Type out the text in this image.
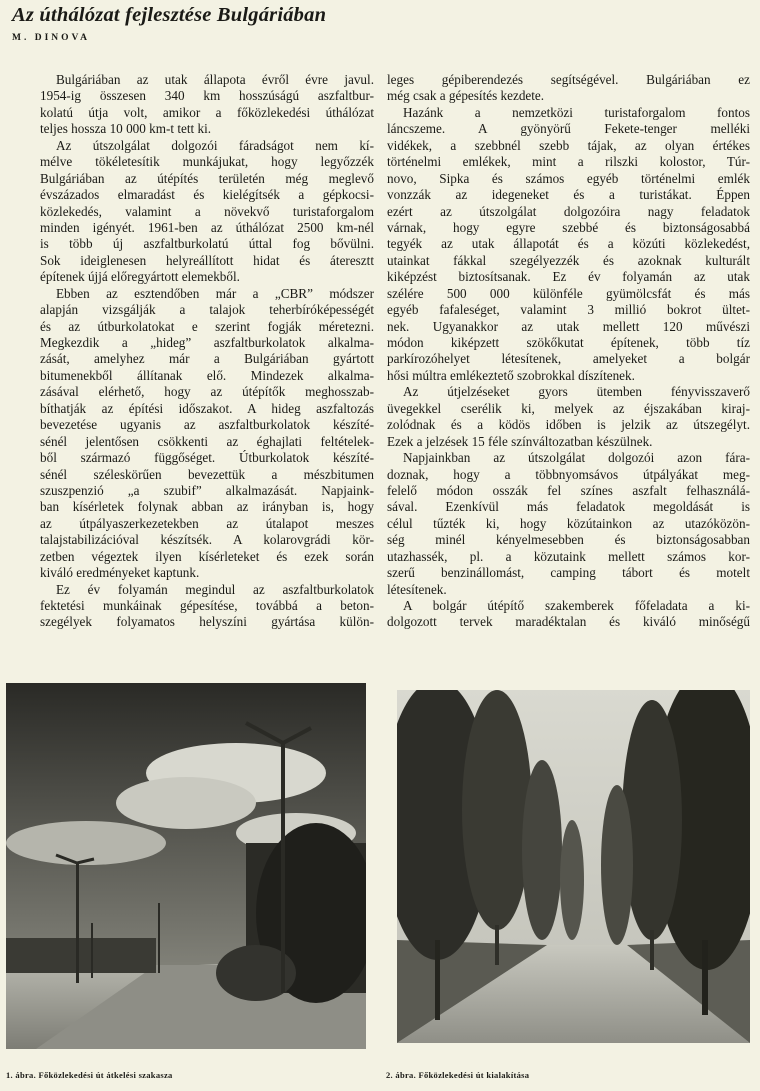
Az úthálózat fejlesztése Bulgáriában
M. DINOVA
Bulgáriában az utak állapota évről évre javul.
1954-ig összesen 340 km hosszúságú aszfaltbur-
kolatú útja volt, amikor a főközlekedési úthálózat
teljes hossza 10 000 km-t tett ki.
Az útszolgálat dolgozói fáradságot nem kí-
mélve tökéletesítik munkájukat, hogy legyőzzék
Bulgáriában az útépítés területén még meglevő
évszázados elmaradást és kielégítsék a gépkocsi-
közlekedés, valamint a növekvő turistaforgalom
minden igényét. 1961-ben az úthálózat 2500 km-nél
is több új aszfaltburkolatú úttal fog bővülni.
Sok ideiglenesen helyreállított hidat és áteresztt
építenek újjá előregyártott elemekből.
Ebben az esztendőben már a „CBR” módszer
alapján vizsgálják a talajok teherbíróképességét
és az útburkolatokat e szerint fogják méretezni.
Megkezdik a „hideg” aszfaltburkolatok alkalma-
zását, amelyhez már a Bulgáriában gyártott
bitumenekből állítanak elő. Mindezek alkalma-
zásával elérhető, hogy az útépítők meghosszab-
bíthatják az építési időszakot. A hideg aszfaltozás
bevezetése ugyanis az aszfaltburkolatok készíté-
sénél jelentősen csökkenti az éghajlati feltételek-
ből származó függőséget. Útburkolatok készíté-
sénél széleskörűen bevezettük a mészbitumen
szuszpenzió „a szubif” alkalmazását. Napjaink-
ban kísérletek folynak abban az irányban is, hogy
az útpályaszerkezetekben az útalapot meszes
talajstabilizációval készítsék. A kolarovgrádi kör-
zetben végeztek ilyen kísérleteket és ezek során
kiváló eredményeket kaptunk.
Ez év folyamán megindul az aszfaltburkolatok
fektetési munkáinak gépesítése, továbbá a beton-
szegélyek folyamatos helyszíni gyártása külön-
leges gépiberendezés segítségével. Bulgáriában ez
még csak a gépesítés kezdete.
Hazánk a nemzetközi turistaforgalom fontos
láncszeme. A gyönyörű Fekete-tenger melléki
vidékek, a szebbnél szebb tájak, az olyan értékes
történelmi emlékek, mint a rilszki kolostor, Túr-
novo, Sipka és számos egyéb történelmi emlék
vonzzák az idegeneket és a turistákat. Éppen
ezért az útszolgálat dolgozóira nagy feladatok
várnak, hogy egyre szebbé és biztonságosabbá
tegyék az utak állapotát és a közúti közlekedést,
utainkat fákkal szegélyezzék és azoknak kulturált
kiképzést biztosítsanak. Ez év folyamán az utak
szélére 500 000 különféle gyümölcsfát és más
egyéb fafaleséget, valamint 3 millió bokrot ültet-
nek. Ugyanakkor az utak mellett 120 művészi
módon kiképzett szökőkutat építenek, több tíz
parkírozóhelyet létesítenek, amelyeket a bolgár
hősi múltra emlékeztető szobrokkal díszítenek.
Az útjelzéseket gyors ütemben fényvisszaverő
üvegekkel cserélik ki, melyek az éjszakában kiraj-
zolódnak és a ködös időben is jelzik az útszegélyt.
Ezek a jelzések 15 féle színváltozatban készülnek.
Napjainkban az útszolgálat dolgozói azon fára-
doznak, hogy a többnyomsávos útpályákat meg-
felelő módon osszák fel színes aszfalt felhasználá-
sával. Ezenkívül más feladatok megoldását is
célul tűzték ki, hogy közútainkon az utazóközön-
ség minél kényelmesebben és biztonságosabban
utazhassék, pl. a közutaink mellett számos kor-
szerű benzinállomást, camping tábort és motelt
létesítenek.
A bolgár útépítő szakemberek főfeladata a ki-
dolgozott tervek maradéktalan és kiváló minőségű
1. ábra. Főközlekedési út átkelési szakasza	2. ábra. Főközlekedési út kialakítása
